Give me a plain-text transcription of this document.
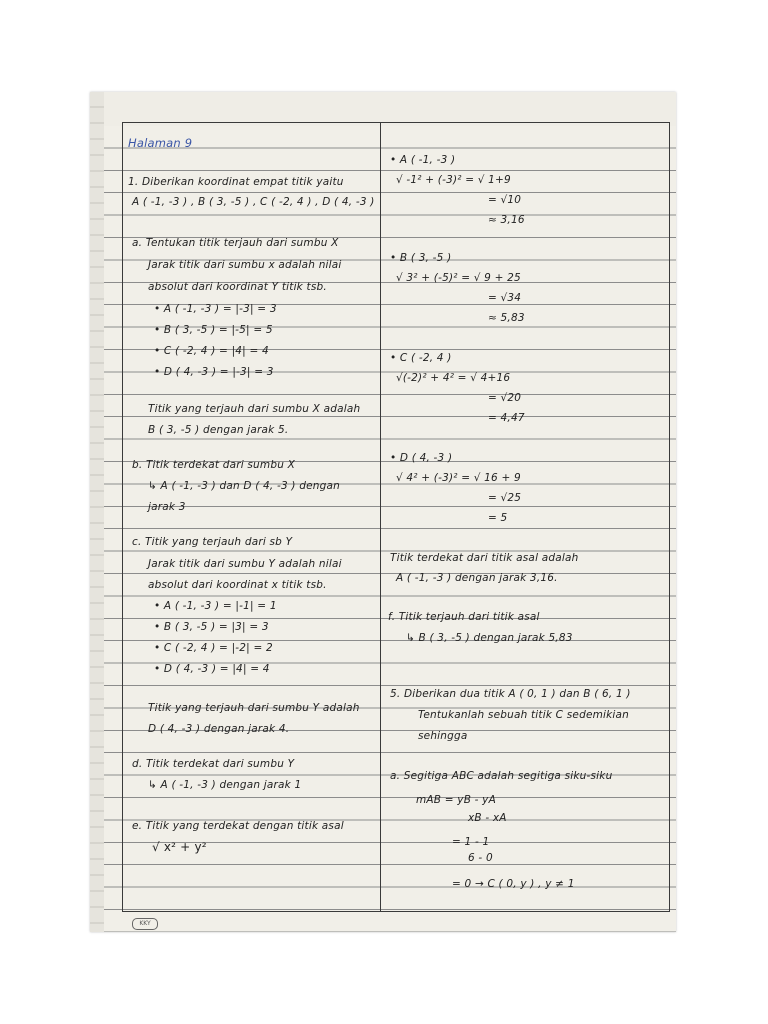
Halaman 9
1. Diberikan koordinat empat titik yaitu
A ( -1, -3 ) , B ( 3, -5 ) , C ( -2, 4 ) , D ( 4, -3 )
a. Tentukan titik terjauh dari sumbu X
Jarak titik dari sumbu x adalah nilai
absolut dari koordinat Y titik tsb.
• A ( -1, -3 ) = |-3| = 3
• B ( 3, -5 ) = |-5| = 5
• C ( -2, 4 ) = |4| = 4
• D ( 4, -3 ) = |-3| = 3
Titik yang terjauh dari sumbu X adalah
B ( 3, -5 ) dengan jarak 5.
b. Titik terdekat dari sumbu X
↳ A ( -1, -3 ) dan D ( 4, -3 ) dengan
jarak 3
c. Titik yang terjauh dari sb Y
Jarak titik dari sumbu Y adalah nilai
absolut dari koordinat x titik tsb.
• A ( -1, -3 ) = |-1| = 1
• B ( 3, -5 ) = |3| = 3
• C ( -2, 4 ) = |-2| = 2
• D ( 4, -3 ) = |4| = 4
Titik yang terjauh dari sumbu Y adalah
D ( 4, -3 ) dengan jarak 4.
d. Titik terdekat dari sumbu Y
↳ A ( -1, -3 ) dengan jarak 1
e. Titik yang terdekat dengan titik asal
√ x² + y²
• A ( -1, -3 )
√ -1² + (-3)² = √ 1+9
= √10
≈ 3,16
• B ( 3, -5 )
√ 3² + (-5)² = √ 9 + 25
= √34
≈ 5,83
• C ( -2, 4 )
√(-2)² + 4² = √ 4+16
= √20
= 4,47
• D ( 4, -3 )
√ 4² + (-3)² = √ 16 + 9
= √25
= 5
Titik terdekat dari titik asal adalah
A ( -1, -3 ) dengan jarak 3,16.
f. Titik terjauh dari titik asal
↳ B ( 3, -5 ) dengan jarak 5,83
5. Diberikan dua titik A ( 0, 1 ) dan B ( 6, 1 )
Tentukanlah sebuah titik C sedemikian
sehingga
a. Segitiga ABC adalah segitiga siku-siku
mAB = yB - yA
xB - xA
= 1 - 1
6 - 0
= 0 → C ( 0, y ) , y ≠ 1
KKY
